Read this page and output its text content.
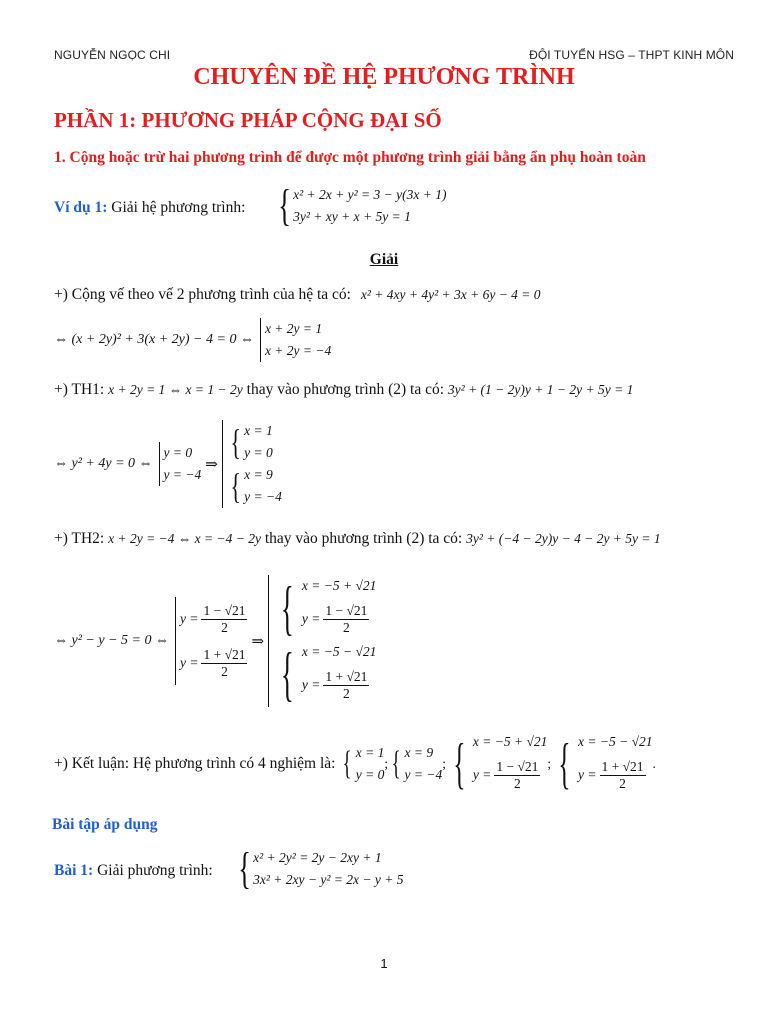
NGUYỄN NGỌC CHI	ĐỘI TUYỂN HSG – THPT KINH MÔN
CHUYÊN ĐỀ HỆ PHƯƠNG TRÌNH
PHẦN 1: PHƯƠNG PHÁP CỘNG ĐẠI SỐ
1. Cộng hoặc trừ hai phương trình để được một phương trình giải bằng ẩn phụ hoàn toàn
Ví dụ 1: Giải hệ phương trình: { x² + 2x + y² = 3 − y(3x + 1)
3y² + xy + x + 5y = 1
Giải
+) Cộng vế theo vế 2 phương trình của hệ ta có: x² + 4xy + 4y² + 3x + 6y − 4 = 0
⇔ (x + 2y)² + 3(x + 2y) − 4 = 0 ⇔
x + 2y = 1
x + 2y = −4
+) TH1: x + 2y = 1 ⇔ x = 1 − 2y thay vào phương trình (2) ta có: 3y² + (1 − 2y)y + 1 − 2y + 5y = 1
⇔ y² + 4y = 0 ⇔
y = 0
y = −4
⇒
{ x = 1
y = 0
{ x = 9
y = −4
+) TH2: x + 2y = −4 ⇔ x = −4 − 2y thay vào phương trình (2) ta có: 3y² + (−4 − 2y)y − 4 − 2y + 5y = 1
⇔ y² − y − 5 = 0 ⇔
$y = \frac{1 - √21}{2}$
$y = \frac{1 + √21}{2}$
⇒
{ x = −5 + √21
$y = \frac{1 - √21}{2}$
{ x = −5 − √21
$y = \frac{1 + √21}{2}$
+) Kết luận: Hệ phương trình có 4 nghiệm là: { x = 1
y = 0
; { x = 9
y = −4
; { x = −5 + √21
$y = \frac{1 - √21}{2}$ ; { x = −5 − √21
$y = \frac{1 + √21}{2}$ .
Bài tập áp dụng
Bài 1: Giải phương trình: { x² + 2y² = 2y − 2xy + 1
3x² + 2xy − y² = 2x − y + 5
1
